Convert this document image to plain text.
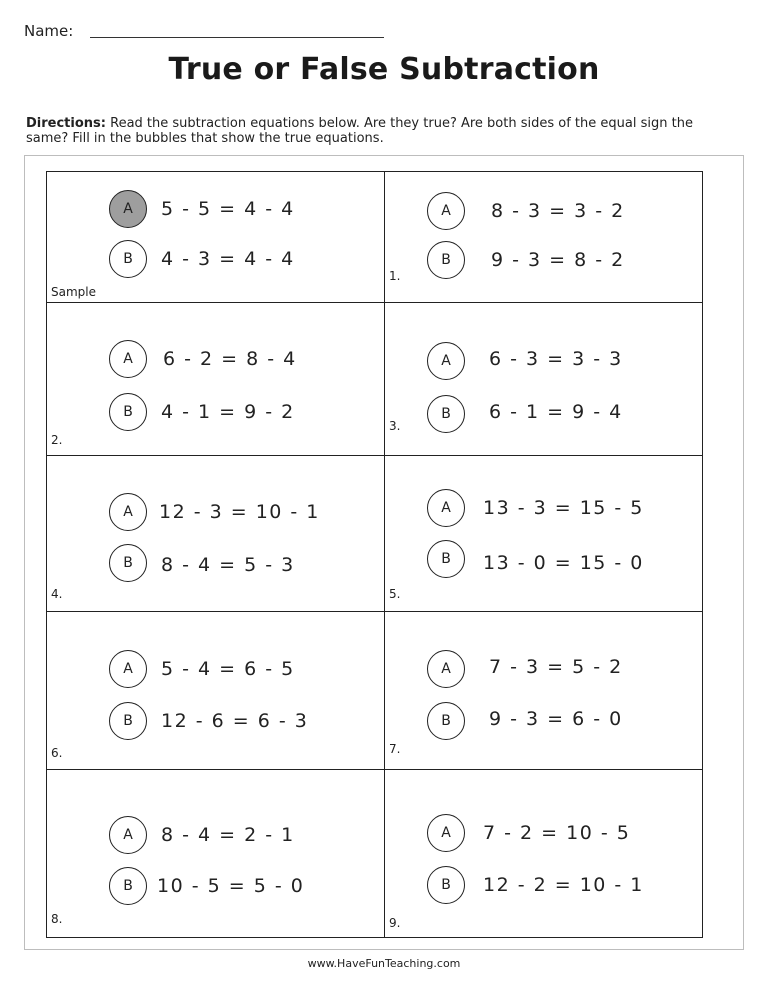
Name:
True or False Subtraction
Directions: Read the subtraction equations below. Are they true? Are both sides of the equal sign the same? Fill in the bubbles that show the true equations.
A	5 - 5 = 4 - 4
B	4 - 3 = 4 - 4
Sample
A	8 - 3 = 3 - 2
B	9 - 3 = 8 - 2
1.
A	6 - 2 = 8 - 4
B	4 - 1 = 9 - 2
2.
A	6 - 3 = 3 - 3
B	6 - 1 = 9 - 4
3.
A	12 - 3 = 10 - 1
B	8 - 4 = 5 - 3
4.
A	13 - 3 = 15 - 5
B	13 - 0 = 15 - 0
5.
A	5 - 4 = 6 - 5
B	12 - 6 = 6 - 3
6.
A	7 - 3 = 5 - 2
B	9 - 3 = 6 - 0
7.
A	8 - 4 = 2 - 1
B	10 - 5 = 5 - 0
8.
A	7 - 2 = 10 - 5
B	12 - 2 = 10 - 1
9.
www.HaveFunTeaching.com
